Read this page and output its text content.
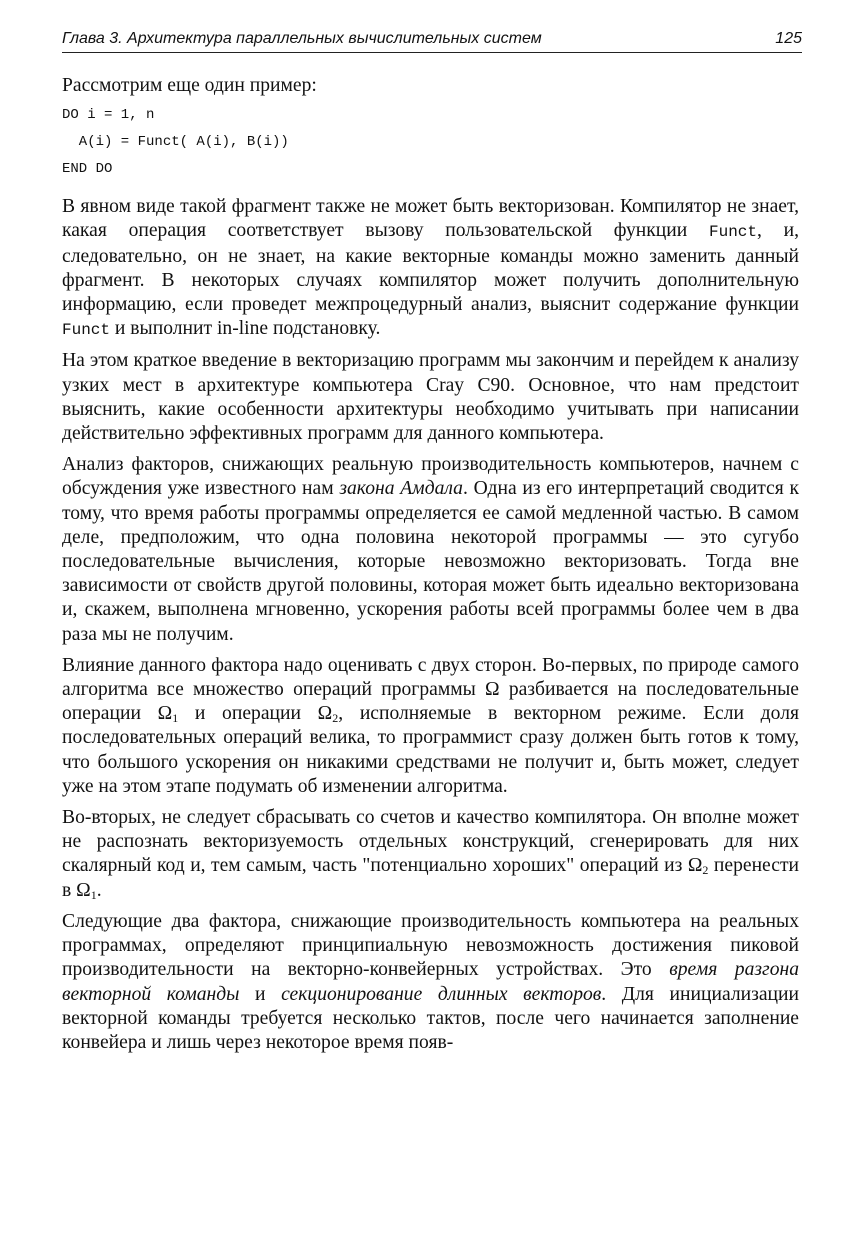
Глава 3. Архитектура параллельных вычислительных систем	125

Рассмотрим еще один пример:

DO i = 1, n
A(i) = Funct( A(i), B(i))
END DO

В явном виде такой фрагмент также не может быть векторизован. Компилятор не знает, какая операция соответствует вызову пользовательской функции Funct, и, следовательно, он не знает, на какие векторные команды можно заменить данный фрагмент. В некоторых случаях компилятор может получить дополнительную информацию, если проведет межпроцедурный анализ, выяснит содержание функции Funct и выполнит in-line подстановку.

На этом краткое введение в векторизацию программ мы закончим и перейдем к анализу узких мест в архитектуре компьютера Cray C90. Основное, что нам предстоит выяснить, какие особенности архитектуры необходимо учитывать при написании действительно эффективных программ для данного компьютера.

Анализ факторов, снижающих реальную производительность компьютеров, начнем с обсуждения уже известного нам закона Амдала. Одна из его интерпретаций сводится к тому, что время работы программы определяется ее самой медленной частью. В самом деле, предположим, что одна половина некоторой программы — это сугубо последовательные вычисления, которые невозможно векторизовать. Тогда вне зависимости от свойств другой половины, которая может быть идеально векторизована и, скажем, выполнена мгновенно, ускорения работы всей программы более чем в два раза мы не получим.

Влияние данного фактора надо оценивать с двух сторон. Во-первых, по природе самого алгоритма все множество операций программы Ω разбивается на последовательные операции $\Omega_1$ и операции $\Omega_2$, исполняемые в векторном режиме. Если доля последовательных операций велика, то программист сразу должен быть готов к тому, что большого ускорения он никакими средствами не получит и, быть может, следует уже на этом этапе подумать об изменении алгоритма.

Во-вторых, не следует сбрасывать со счетов и качество компилятора. Он вполне может не распознать векторизуемость отдельных конструкций, сгенерировать для них скалярный код и, тем самым, часть "потенциально хороших" операций из $\Omega_2$ перенести в $\Omega_1$.

Следующие два фактора, снижающие производительность компьютера на реальных программах, определяют принципиальную невозможность достижения пиковой производительности на векторно-конвейерных устройствах. Это время разгона векторной команды и секционирование длинных векторов. Для инициализации векторной команды требуется несколько тактов, после чего начинается заполнение конвейера и лишь через некоторое время появ-
